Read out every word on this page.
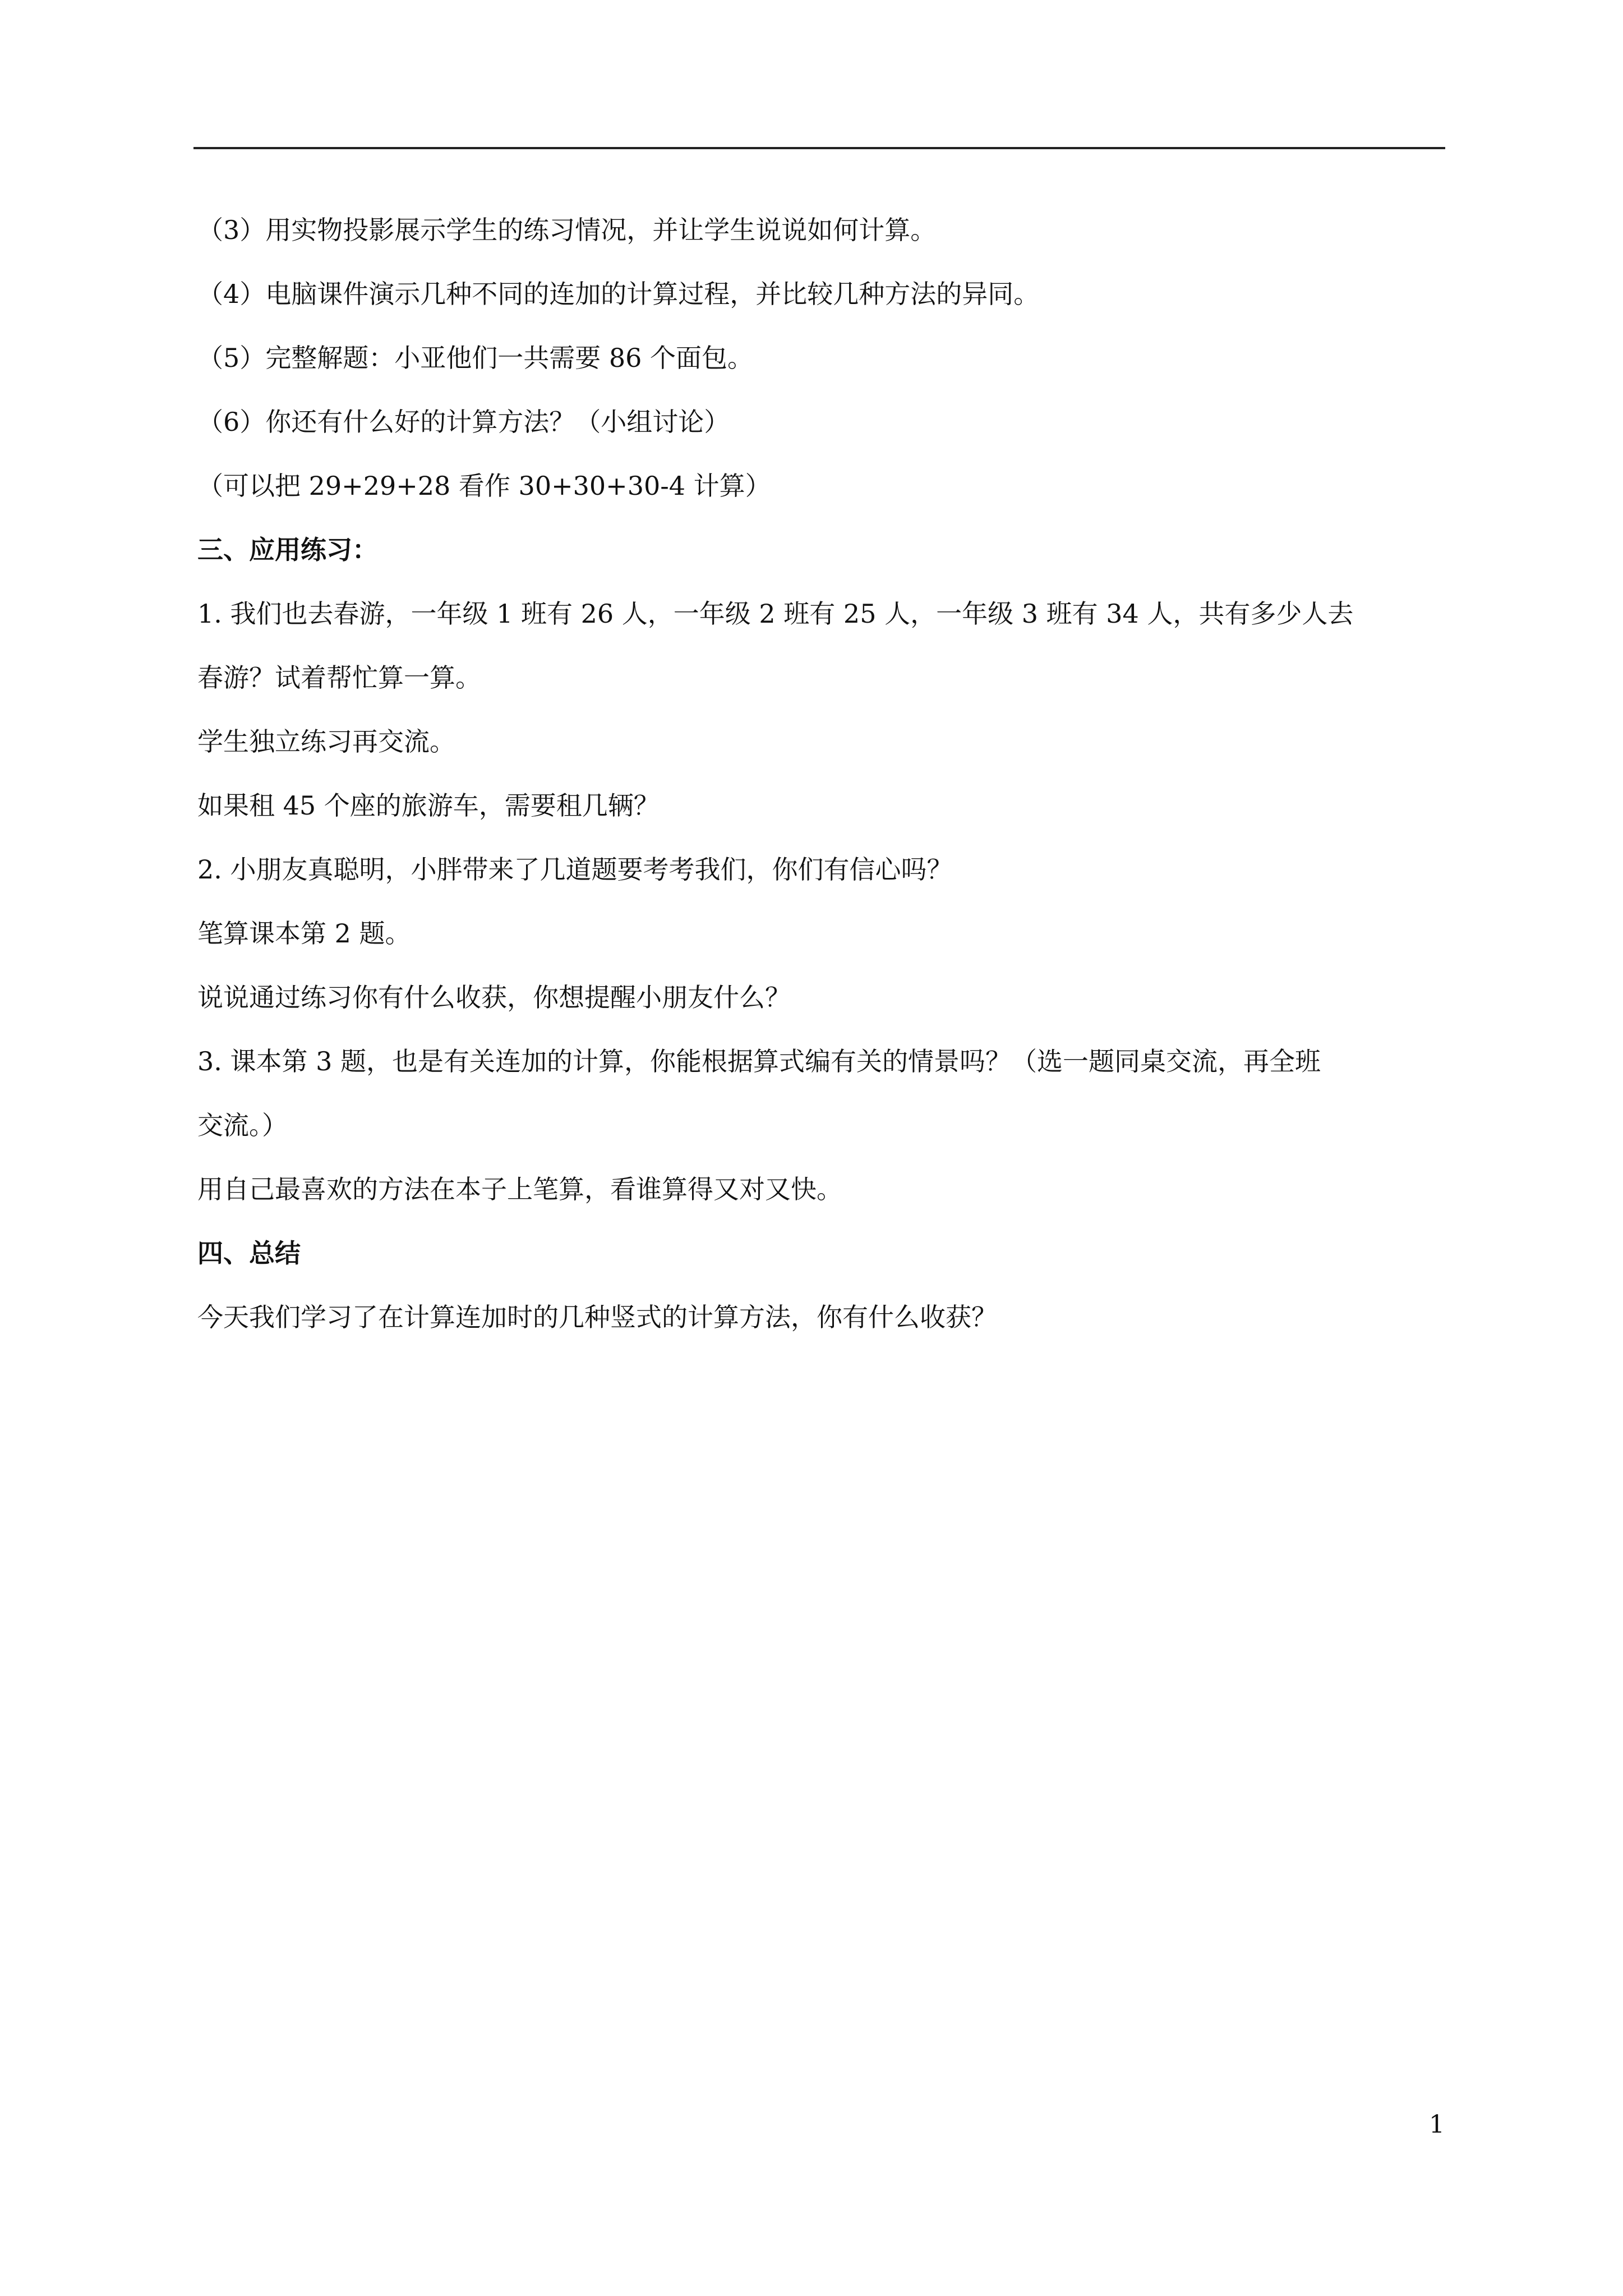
（3）用实物投影展示学生的练习情况，并让学生说说如何计算。
（4）电脑课件演示几种不同的连加的计算过程，并比较几种方法的异同。
（5）完整解题：小亚他们一共需要 86 个面包。
（6）你还有什么好的计算方法？（小组讨论）
（可以把 29+29+28 看作 30+30+30-4 计算）
三、应用练习：
1. 我们也去春游，一年级 1 班有 26 人，一年级 2 班有 25 人，一年级 3 班有 34 人，共有多少人去
春游？试着帮忙算一算。
学生独立练习再交流。
如果租 45 个座的旅游车，需要租几辆？
2. 小朋友真聪明，小胖带来了几道题要考考我们，你们有信心吗？
笔算课本第 2 题。
说说通过练习你有什么收获，你想提醒小朋友什么？
3. 课本第 3 题，也是有关连加的计算，你能根据算式编有关的情景吗？（选一题同桌交流，再全班
交流。）
用自己最喜欢的方法在本子上笔算，看谁算得又对又快。
四、总结
今天我们学习了在计算连加时的几种竖式的计算方法，你有什么收获？
1
